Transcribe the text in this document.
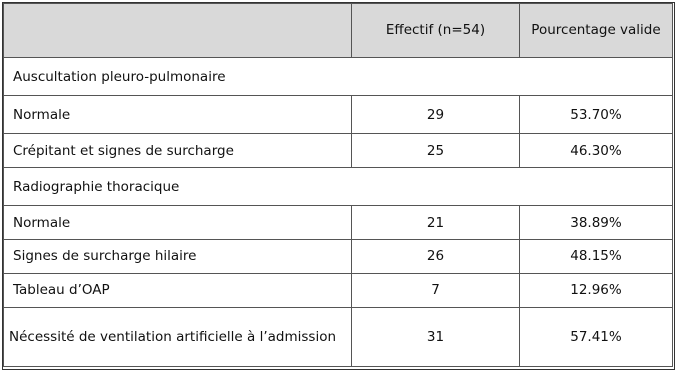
	Effectif (n=54)	Pourcentage valide
Auscultation pleuro-pulmonaire		
Normale	29	53.70%
Crépitant et signes de surcharge	25	46.30%
Radiographie thoracique		
Normale	21	38.89%
Signes de surcharge hilaire	26	48.15%
Tableau d’OAP	7	12.96%
Nécessité de ventilation artificielle à l’admission	31	57.41%
